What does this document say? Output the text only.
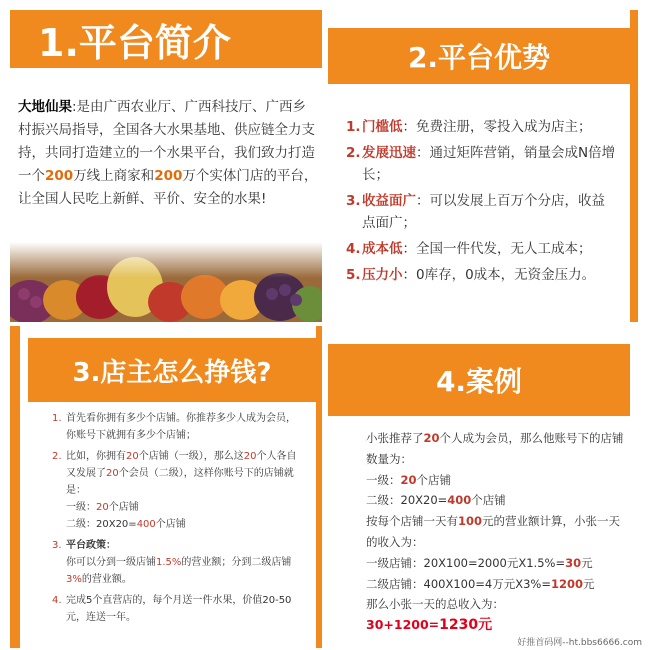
1.平台简介
大地仙果:是由广西农业厅、广西科技厅、广西乡村振兴局指导，全国各大水果基地、供应链全力支持，共同打造建立的一个水果平台，我们致力打造一个200万线上商家和200万个实体门店的平台，让全国人民吃上新鲜、平价、安全的水果!
2.平台优势
1. 门槛低：免费注册，零投入成为店主；
2. 发展迅速：通过矩阵营销，销量会成N倍增长；
3. 收益面广：可以发展上百万个分店，收益点面广；
4. 成本低：全国一件代发，无人工成本；
5. 压力小：0库存，0成本，无资金压力。
3.店主怎么挣钱?
1. 首先看你拥有多少个店铺。你推荐多少人成为会员，你账号下就拥有多少个店铺；
2. 比如，你拥有20个店铺（一级），那么这20个人各自又发展了20个会员（二级），这样你账号下的店铺就是：
一级：20个店铺
二级：20X20=400个店铺
3. 平台政策：
你可以分到一级店铺1.5%的营业额；分到二级店铺3%的营业额。
4. 完成5个直营店的，每个月送一件水果，价值20-50元，连送一年。
4.案例
小张推荐了20个人成为会员，那么他账号下的店铺数量为：
一级：20个店铺
二级：20X20=400个店铺
按每个店铺一天有100元的营业额计算，小张一天的收入为：
一级店铺：20X100=2000元X1.5%=30元
二级店铺：400X100=4万元X3%=1200元
那么小张一天的总收入为：
30+1200=1230元
好推首码网--ht.bbs6666.com
